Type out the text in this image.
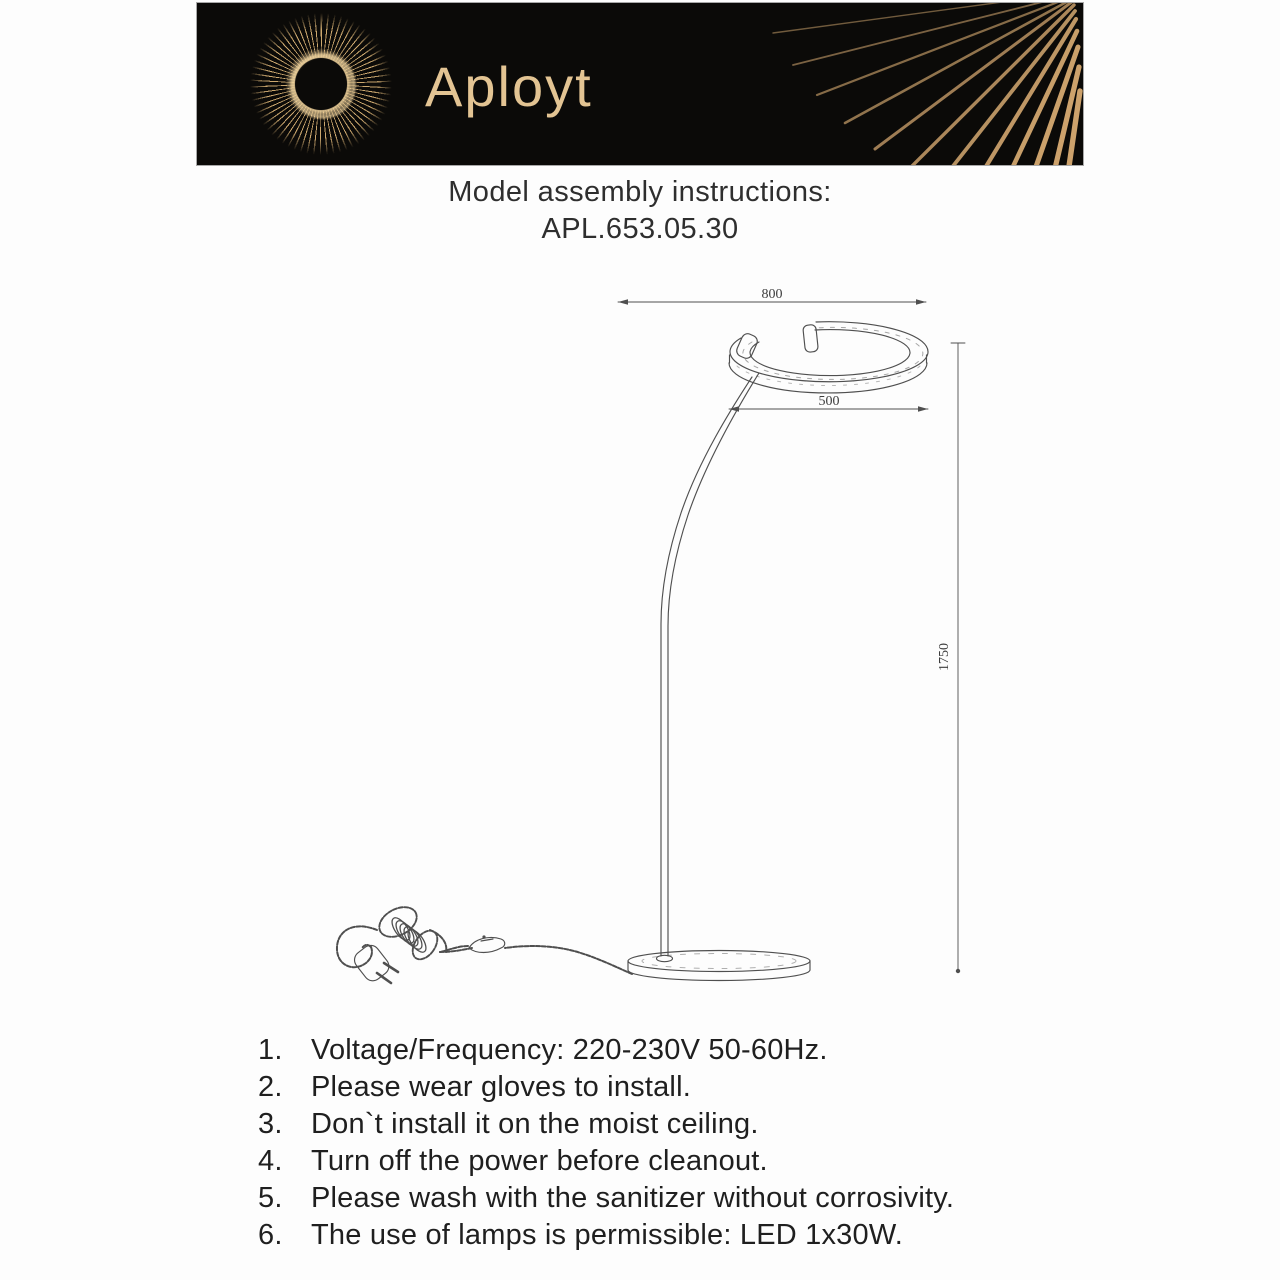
Aployt
Model assembly instructions:
APL.653.05.30
800
500
1750
1. Voltage/Frequency: 220-230V 50-60Hz.
2. Please wear gloves to install.
3. Don`t install it on the moist ceiling.
4. Turn off the power before cleanout.
5. Please wash with the sanitizer without corrosivity.
6. The use of lamps is permissible: LED 1x30W.
